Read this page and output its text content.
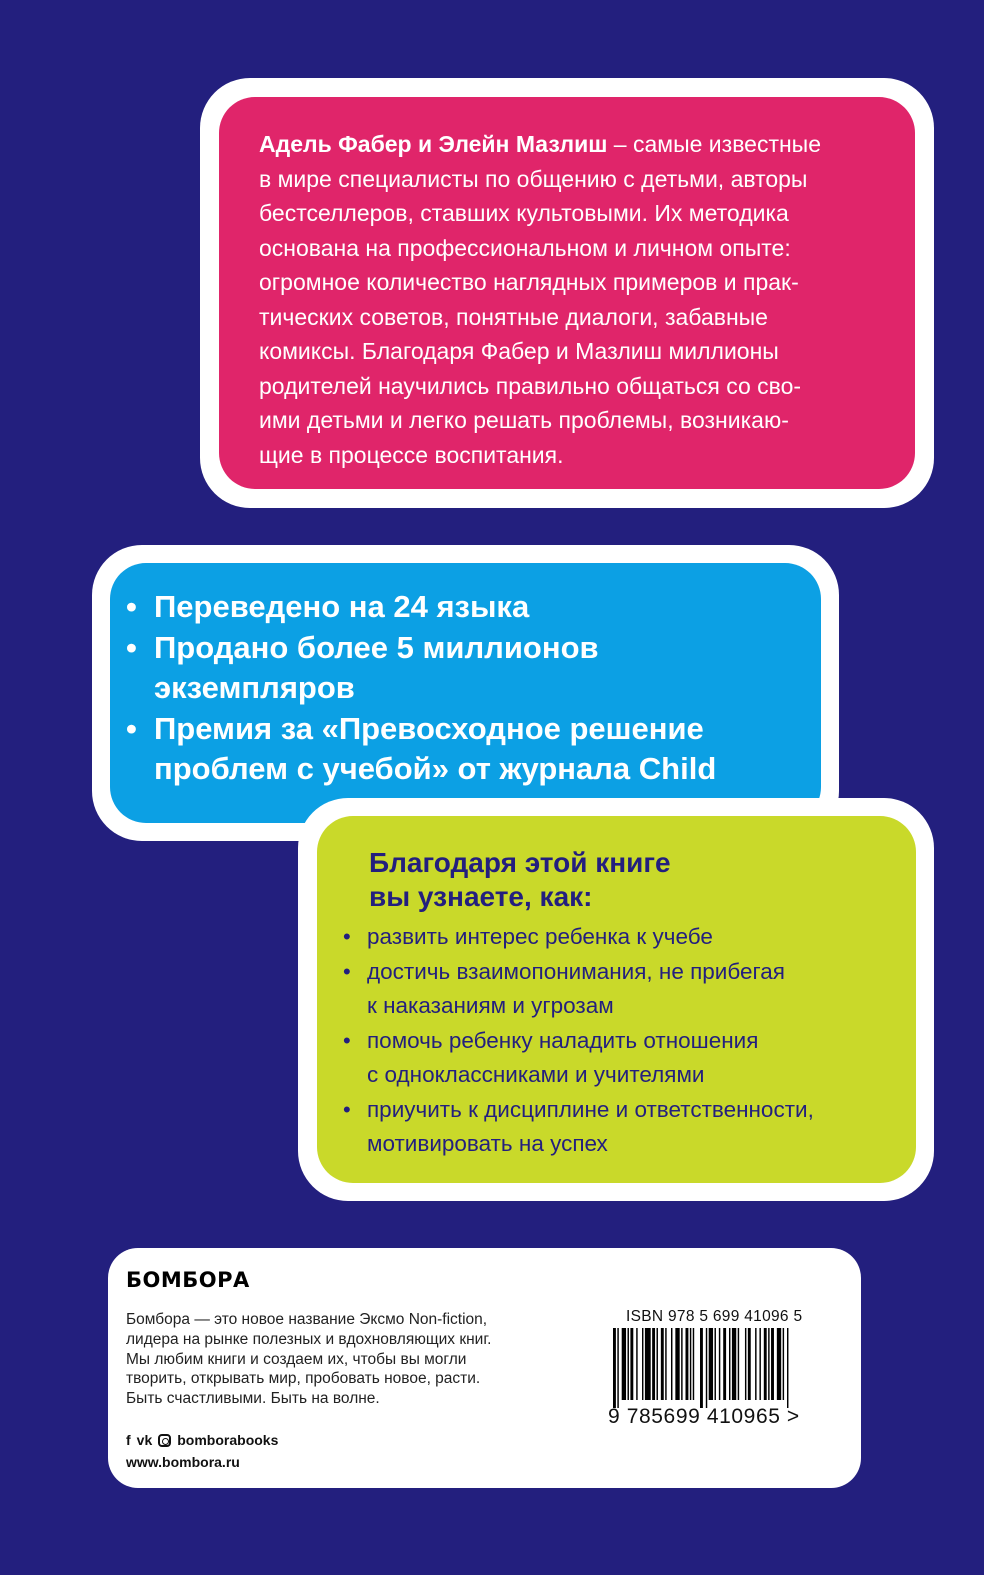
Адель Фабер и Элейн Мазлиш – самые известные
в мире специалисты по общению с детьми, авторы
бестселлеров, ставших культовыми. Их методика
основана на профессиональном и личном опыте:
огромное количество наглядных примеров и прак-
тических советов, понятные диалоги, забавные
комиксы. Благодаря Фабер и Мазлиш миллионы
родителей научились правильно общаться со сво-
ими детьми и легко решать проблемы, возникаю-
щие в процессе воспитания.

• Переведено на 24 языка
• Продано более 5 миллионов
экземпляров
• Премия за «Превосходное решение
проблем с учебой» от журнала Child
Благодаря этой книге
вы узнаете, как:
• развить интерес ребенка к учебе
• достичь взаимопонимания, не прибегая
к наказаниям и угрозам
• помочь ребенку наладить отношения
с одноклассниками и учителями
• приучить к дисциплине и ответственности,
мотивировать на успех
БОМБОРА

Бомбора — это новое название Эксмо Non-fiction,
лидера на рынке полезных и вдохновляющих книг.
Мы любим книги и создаем их, чтобы вы могли
творить, открывать мир, пробовать новое, расти.
Быть счастливыми. Быть на волне.

f vk bomborabooks
www.bombora.ru
ISBN 978 5 699 41096 5
9 785699 410965 >
